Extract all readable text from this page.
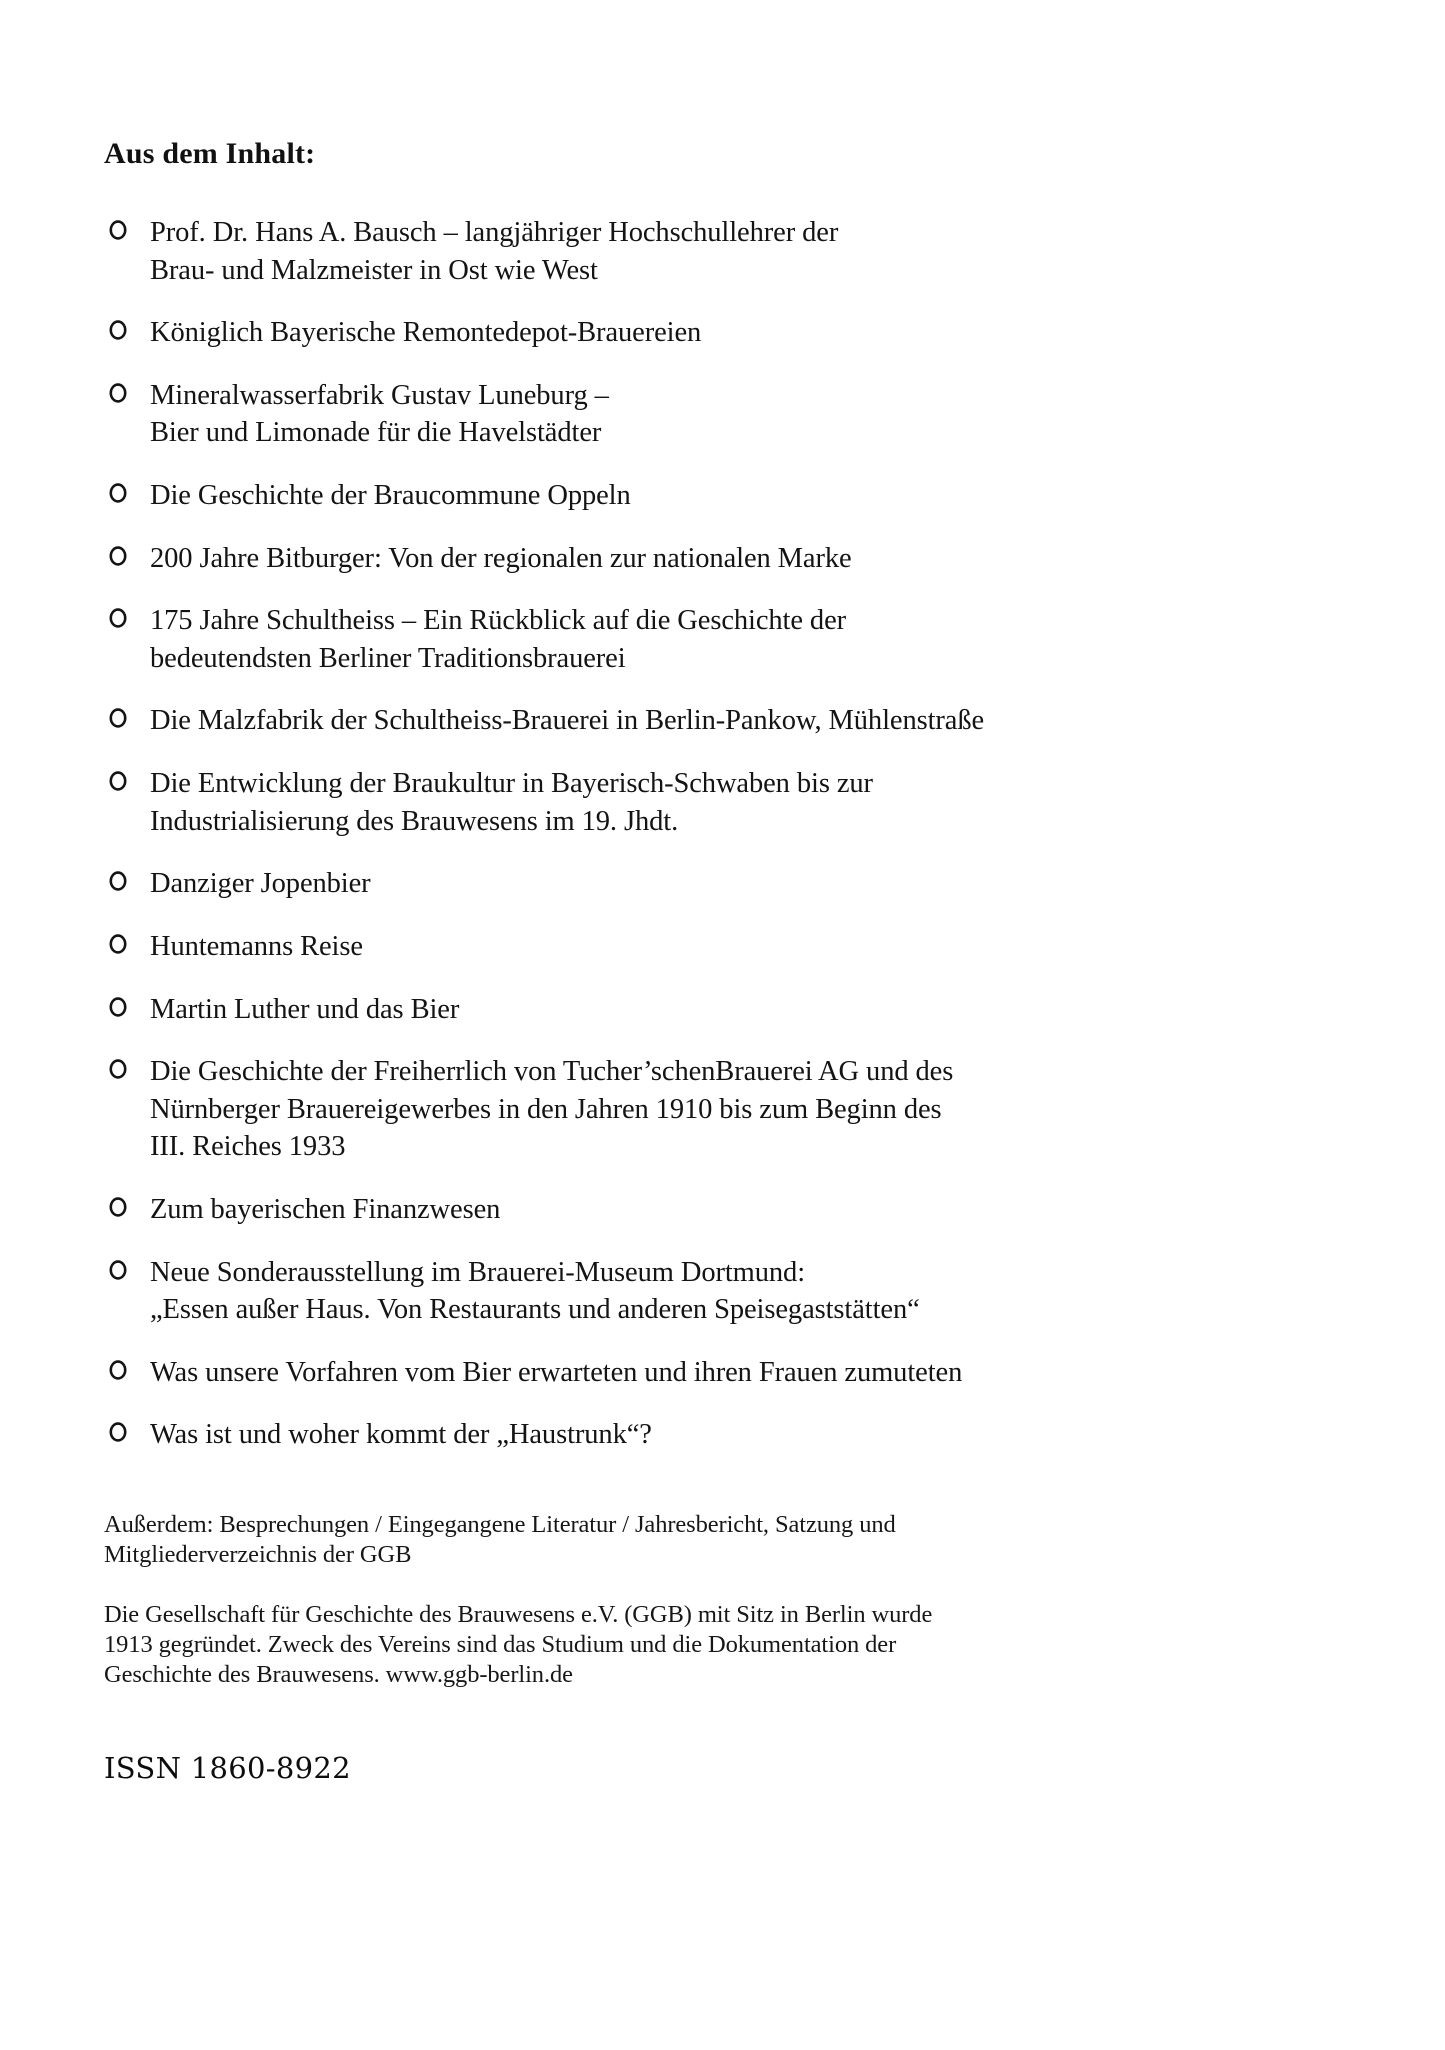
Aus dem Inhalt:
Prof. Dr. Hans A. Bausch – langjähriger Hochschullehrer der
Brau- und Malzmeister in Ost wie West
Königlich Bayerische Remontedepot-Brauereien
Mineralwasserfabrik Gustav Luneburg –
Bier und Limonade für die Havelstädter
Die Geschichte der Braucommune Oppeln
200 Jahre Bitburger: Von der regionalen zur nationalen Marke
175 Jahre Schultheiss – Ein Rückblick auf die Geschichte der
bedeutendsten Berliner Traditionsbrauerei
Die Malzfabrik der Schultheiss-Brauerei in Berlin-Pankow, Mühlenstraße
Die Entwicklung der Braukultur in Bayerisch-Schwaben bis zur
Industrialisierung des Brauwesens im 19. Jhdt.
Danziger Jopenbier
Huntemanns Reise
Martin Luther und das Bier
Die Geschichte der Freiherrlich von Tucher’schenBrauerei AG und des
Nürnberger Brauereigewerbes in den Jahren 1910 bis zum Beginn des
III. Reiches 1933
Zum bayerischen Finanzwesen
Neue Sonderausstellung im Brauerei-Museum Dortmund:
„Essen außer Haus. Von Restaurants und anderen Speisegaststätten“
Was unsere Vorfahren vom Bier erwarteten und ihren Frauen zumuteten
Was ist und woher kommt der „Haustrunk“?

Außerdem: Besprechungen / Eingegangene Literatur / Jahresbericht, Satzung und
Mitgliederverzeichnis der GGB

Die Gesellschaft für Geschichte des Brauwesens e.V. (GGB) mit Sitz in Berlin wurde
1913 gegründet. Zweck des Vereins sind das Studium und die Dokumentation der
Geschichte des Brauwesens. www.ggb-berlin.de

ISSN 1860-8922
